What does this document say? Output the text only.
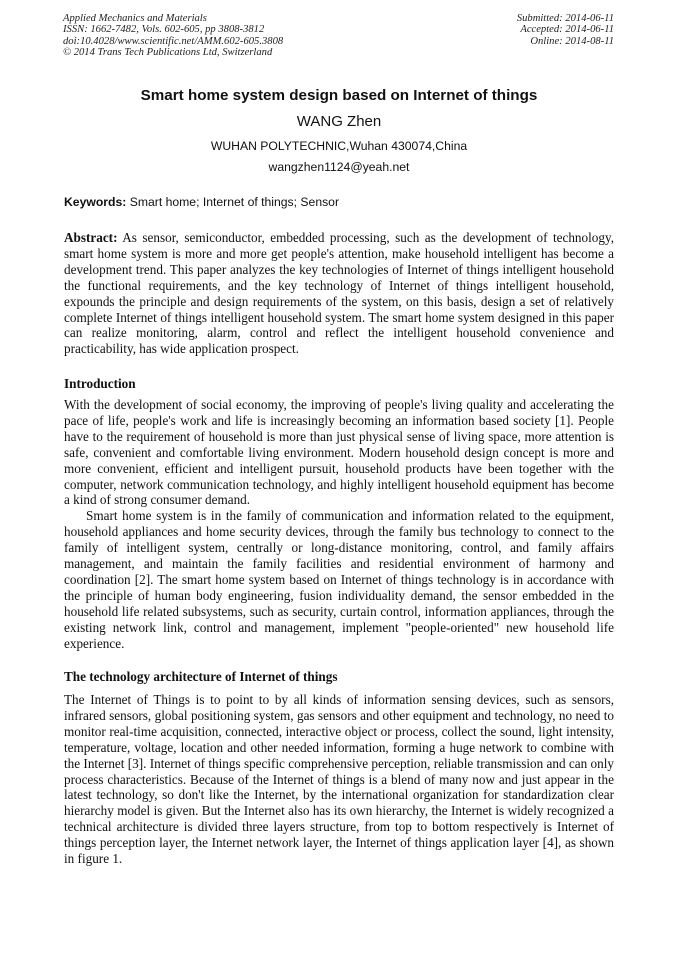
Applied Mechanics and Materials
ISSN: 1662-7482, Vols. 602-605, pp 3808-3812
doi:10.4028/www.scientific.net/AMM.602-605.3808
© 2014 Trans Tech Publications Ltd, Switzerland
Submitted: 2014-06-11
Accepted: 2014-06-11
Online: 2014-08-11
Smart home system design based on Internet of things
WANG Zhen
WUHAN POLYTECHNIC,Wuhan 430074,China
wangzhen1124@yeah.net
Keywords: Smart home; Internet of things; Sensor

Abstract: As sensor, semiconductor, embedded processing, such as the development of technology, smart home system is more and more get people's attention, make household intelligent has become a development trend. This paper analyzes the key technologies of Internet of things intelligent household the functional requirements, and the key technology of Internet of things intelligent household, expounds the principle and design requirements of the system, on this basis, design a set of relatively complete Internet of things intelligent household system. The smart home system designed in this paper can realize monitoring, alarm, control and reflect the intelligent household convenience and practicability, has wide application prospect.

Introduction

With the development of social economy, the improving of people's living quality and accelerating the pace of life, people's work and life is increasingly becoming an information based society [1]. People have to the requirement of household is more than just physical sense of living space, more attention is safe, convenient and comfortable living environment. Modern household design concept is more and more convenient, efficient and intelligent pursuit, household products have been together with the computer, network communication technology, and highly intelligent household equipment has become a kind of strong consumer demand.

Smart home system is in the family of communication and information related to the equipment, household appliances and home security devices, through the family bus technology to connect to the family of intelligent system, centrally or long-distance monitoring, control, and family affairs management, and maintain the family facilities and residential environment of harmony and coordination [2]. The smart home system based on Internet of things technology is in accordance with the principle of human body engineering, fusion individuality demand, the sensor embedded in the household life related subsystems, such as security, curtain control, information appliances, through the existing network link, control and management, implement "people-oriented" new household life experience.

The technology architecture of Internet of things

The Internet of Things is to point to by all kinds of information sensing devices, such as sensors, infrared sensors, global positioning system, gas sensors and other equipment and technology, no need to monitor real-time acquisition, connected, interactive object or process, collect the sound, light intensity, temperature, voltage, location and other needed information, forming a huge network to combine with the Internet [3]. Internet of things specific comprehensive perception, reliable transmission and can only process characteristics. Because of the Internet of things is a blend of many now and just appear in the latest technology, so don't like the Internet, by the international organization for standardization clear hierarchy model is given. But the Internet also has its own hierarchy, the Internet is widely recognized a technical architecture is divided three layers structure, from top to bottom respectively is Internet of things perception layer, the Internet network layer, the Internet of things application layer [4], as shown in figure 1.
